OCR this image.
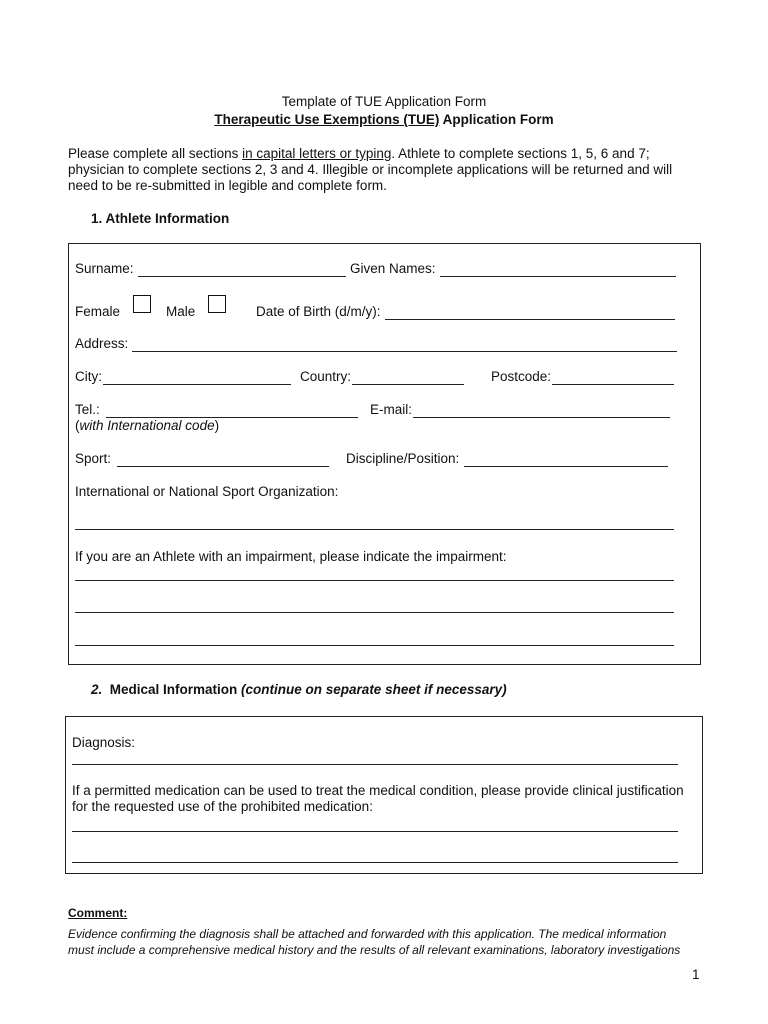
Template of TUE Application Form
Therapeutic Use Exemptions (TUE) Application Form
Please complete all sections in capital letters or typing. Athlete to complete sections 1, 5, 6 and 7;
physician to complete sections 2, 3 and 4. Illegible or incomplete applications will be returned and will
need to be re-submitted in legible and complete form.
1. Athlete Information
Surname:	Given Names:
Female	Male	Date of Birth (d/m/y):
Address:
City:	Country:	Postcode:
Tel.:	E-mail:
(with International code)
Sport:	Discipline/Position:
International or National Sport Organization:
If you are an Athlete with an impairment, please indicate the impairment:
2. Medical Information (continue on separate sheet if necessary)
Diagnosis:
If a permitted medication can be used to treat the medical condition, please provide clinical justification
for the requested use of the prohibited medication:
Comment:
Evidence confirming the diagnosis shall be attached and forwarded with this application. The medical information
must include a comprehensive medical history and the results of all relevant examinations, laboratory investigations
1
